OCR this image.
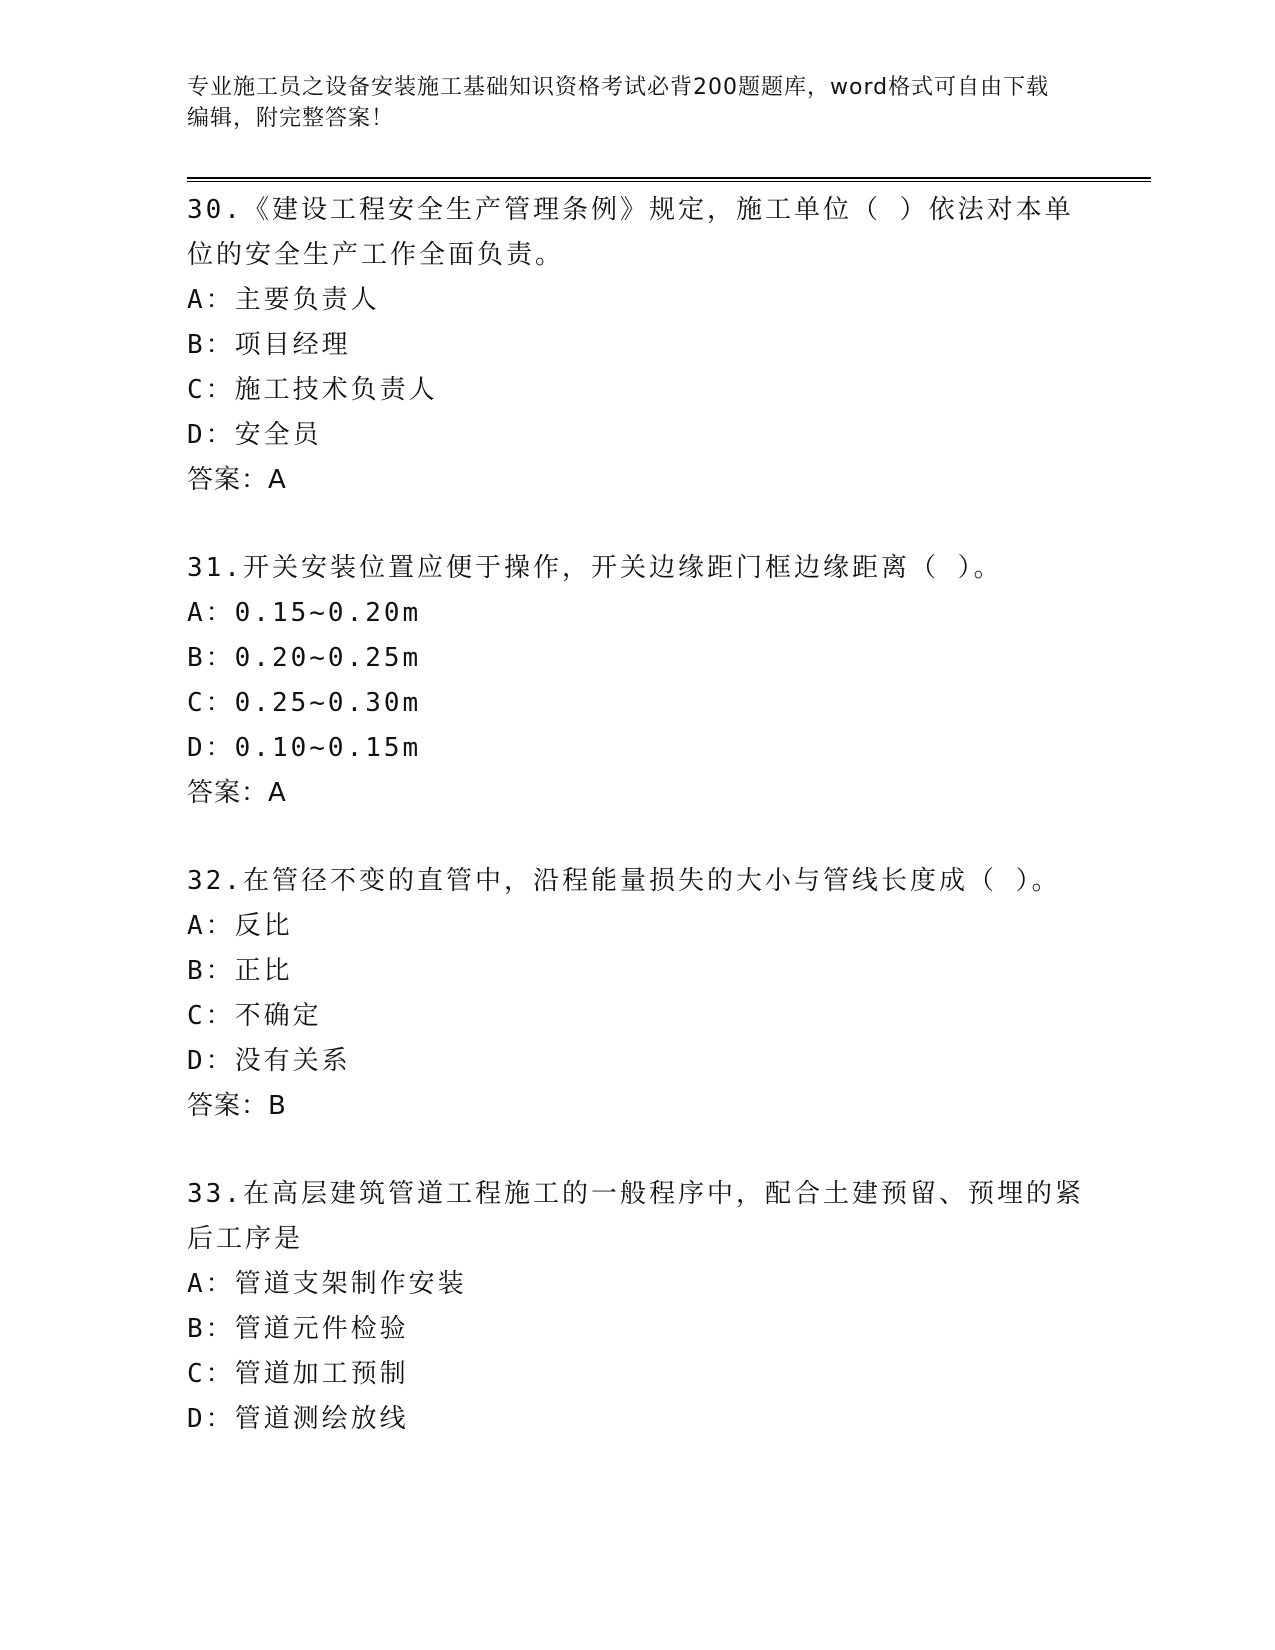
专业施工员之设备安装施工基础知识资格考试必背200题题库，word格式可自由下载编辑，附完整答案！

30.《建设工程安全生产管理条例》规定，施工单位（ ）依法对本单位的安全生产工作全面负责。

A：主要负责人

B：项目经理

C：施工技术负责人

D：安全员

答案：A

31.开关安装位置应便于操作，开关边缘距门框边缘距离（ ）。

A：0.15~0.20m

B：0.20~0.25m

C：0.25~0.30m

D：0.10~0.15m

答案：A

32.在管径不变的直管中，沿程能量损失的大小与管线长度成（ ）。

A：反比

B：正比

C：不确定

D：没有关系

答案：B

33.在高层建筑管道工程施工的一般程序中，配合土建预留、预埋的紧后工序是

A：管道支架制作安装

B：管道元件检验

C：管道加工预制

D：管道测绘放线
